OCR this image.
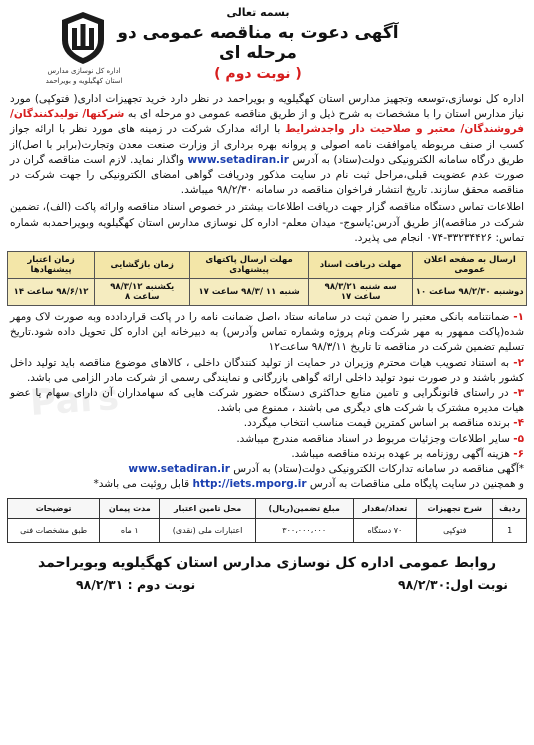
Pars
بسمه تعالی
آگهی دعوت به مناقصه عمومی دو مرحله ای
( نوبت دوم )
اداره کل نوسازی مدارس
استان کهگیلویه و بویراحمد

اداره کل نوسازی،توسعه وتجهیز مدارس استان کهگیلویه و بویراحمد در نظر دارد خرید تجهیزات اداری( فتوکپی) مورد نیاز مدارس استان را با مشخصات به شرح ذیل و از طریق مناقصه عمومی دو مرحله ای به شرکتها/ تولیدکنندگان/فروشندگان/ معتبر و صلاحیت دار واجدشرایط با ارائه مدارک شرکت در زمینه های مورد نظر با ارائه جواز کسب از صنف مربوطه یاموافقت نامه اصولی و پروانه بهره برداری از وزارت صنعت معدن وتجارت(برابر با اصل)از طریق درگاه سامانه الکترونیکی دولت(ستاد) به آدرس www.setadiran.ir واگذار نماید. لازم است مناقصه گران در صورت عدم عضویت قبلی،مراحل ثبت نام در سایت مذکور ودریافت گواهی امضای الکترونیکی را جهت شرکت در مناقصه محقق سازند. تاریخ انتشار فراخوان مناقصه در سامانه ۹۸/۲/۳۰ میباشد.

اطلاعات تماس دستگاه مناقصه گزار جهت دریافت اطلاعات بیشتر در خصوص اسناد مناقصه وارائه پاکت (الف)، تضمین شرکت در مناقصه)از طریق آدرس:یاسوج- میدان معلم- اداره کل نوسازی مدارس استان کهگیلویه وبویراحمدبه شماره تماس: ۳۳۲۳۴۴۲۶-۰۷۴ انجام می پذیرد.

ارسال به صفحه اعلان عمومی	مهلت دریافت اسناد	مهلت ارسال پاکتهای پیشنهادی	زمان بازگشایی	زمان اعتبار پیشنهادها
دوشنبه ۹۸/۲/۳۰ ساعت ۱۰	سه شنبه ۹۸/۳/۲۱ ساعت ۱۷	شنبه ۱۱ /۹۸/۳ ساعت ۱۷	یکشنبه ۹۸/۳/۱۲ ساعت ۸	۹۸/۶/۱۲ ساعت ۱۴
۱- ضمانتنامه بانکی معتبر را ضمن ثبت در سامانه ستاد ،اصل ضمانت نامه را در پاکت قراردادده وبه صورت لاک ومهر شده(پاکت ممهور به مهر شرکت ونام پروژه وشماره تماس وآدرس) به دبیرخانه این اداره کل تحویل داده شود.تاریخ تسلیم تضمین شرکت در مناقصه تا تاریخ ۹۸/۳/۱۱ ساعت۱۲
۲- به استناد تصویب هیات محترم وزیران در حمایت از تولید کنندگان داخلی ، کالاهای موضوع مناقصه باید تولید داخل کشور باشند و در صورت نبود تولید داخلی ارائه گواهی بازرگانی و نمایندگی رسمی از شرکت مادر الزامی می باشد.
۳- در راستای قانونگرایی و تامین منابع حداکثری دستگاه حضور شرکت هایی که سهامداران آن دارای سهام یا عضو هیات مدیره مشترک با شرکت های دیگری می باشند ، ممنوع می باشد.
۴- برنده مناقصه بر اساس کمترین قیمت مناسب انتخاب میگردد.
۵- سایر اطلاعات وجزئیات مربوط در اسناد مناقصه مندرج میباشد.
۶- هزینه آگهی روزنامه بر عهده برنده مناقصه میباشد.
*آگهی مناقصه در سامانه تدارکات الکترونیکی دولت(ستاد) به آدرس www.setadiran.ir
و همچنین در سایت پایگاه ملی مناقصات به آدرس http://iets.mporg.ir قابل روئیت می باشد*
ردیف	شرح تجهیزات	تعداد/مقدار	مبلغ تضمین(ریال)	محل تامین اعتبار	مدت پیمان	توضیحات
1	فتوکپی	۷۰ دستگاه	۳۰۰،۰۰۰،۰۰۰	اعتبارات ملی (نقدی)	۱ ماه	طبق مشخصات فنی
روابط عمومی اداره کل نوسازی مدارس استان کهگیلویه وبویراحمد
نوبت اول:۹۸/۲/۳۰
نوبت دوم : ۹۸/۲/۳۱
